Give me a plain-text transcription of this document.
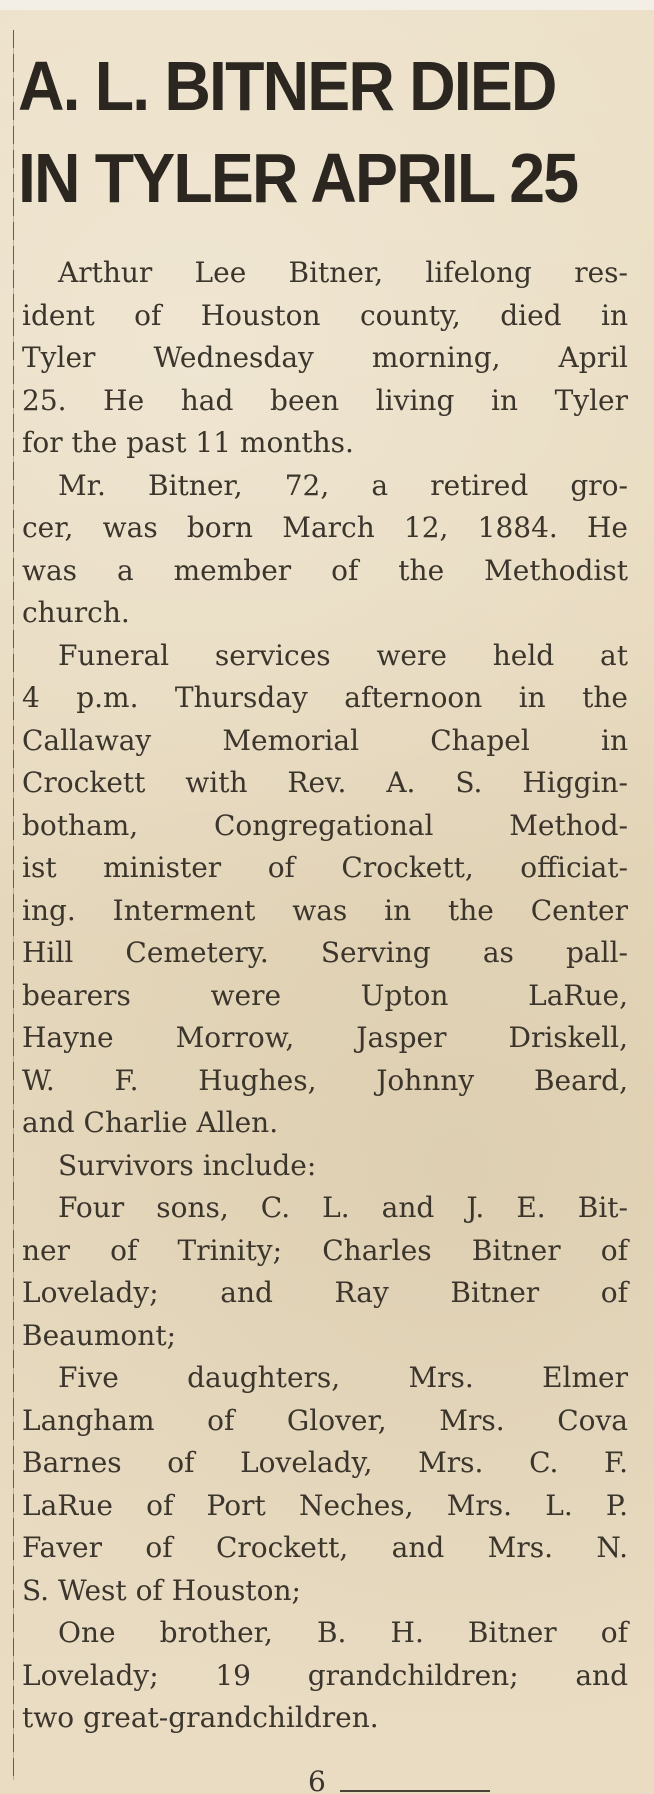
A. L. BITNER DIED
IN TYLER APRIL 25

Arthur Lee Bitner, lifelong res-
ident of Houston county, died in
Tyler Wednesday morning, April
25. He had been living in Tyler
for the past 11 months.

Mr. Bitner, 72, a retired gro-
cer, was born March 12, 1884. He
was a member of the Methodist
church.

Funeral services were held at
4 p.m. Thursday afternoon in the
Callaway Memorial Chapel in
Crockett with Rev. A. S. Higgin-
botham, Congregational Method-
ist minister of Crockett, officiat-
ing. Interment was in the Center
Hill Cemetery. Serving as pall-
bearers were Upton LaRue,
Hayne Morrow, Jasper Driskell,
W. F. Hughes, Johnny Beard,
and Charlie Allen.

Survivors include:

Four sons, C. L. and J. E. Bit-
ner of Trinity; Charles Bitner of
Lovelady; and Ray Bitner of
Beaumont;

Five daughters, Mrs. Elmer
Langham of Glover, Mrs. Cova
Barnes of Lovelady, Mrs. C. F.
LaRue of Port Neches, Mrs. L. P.
Faver of Crockett, and Mrs. N.
S. West of Houston;

One brother, B. H. Bitner of
Lovelady; 19 grandchildren; and
two great-grandchildren.

6
